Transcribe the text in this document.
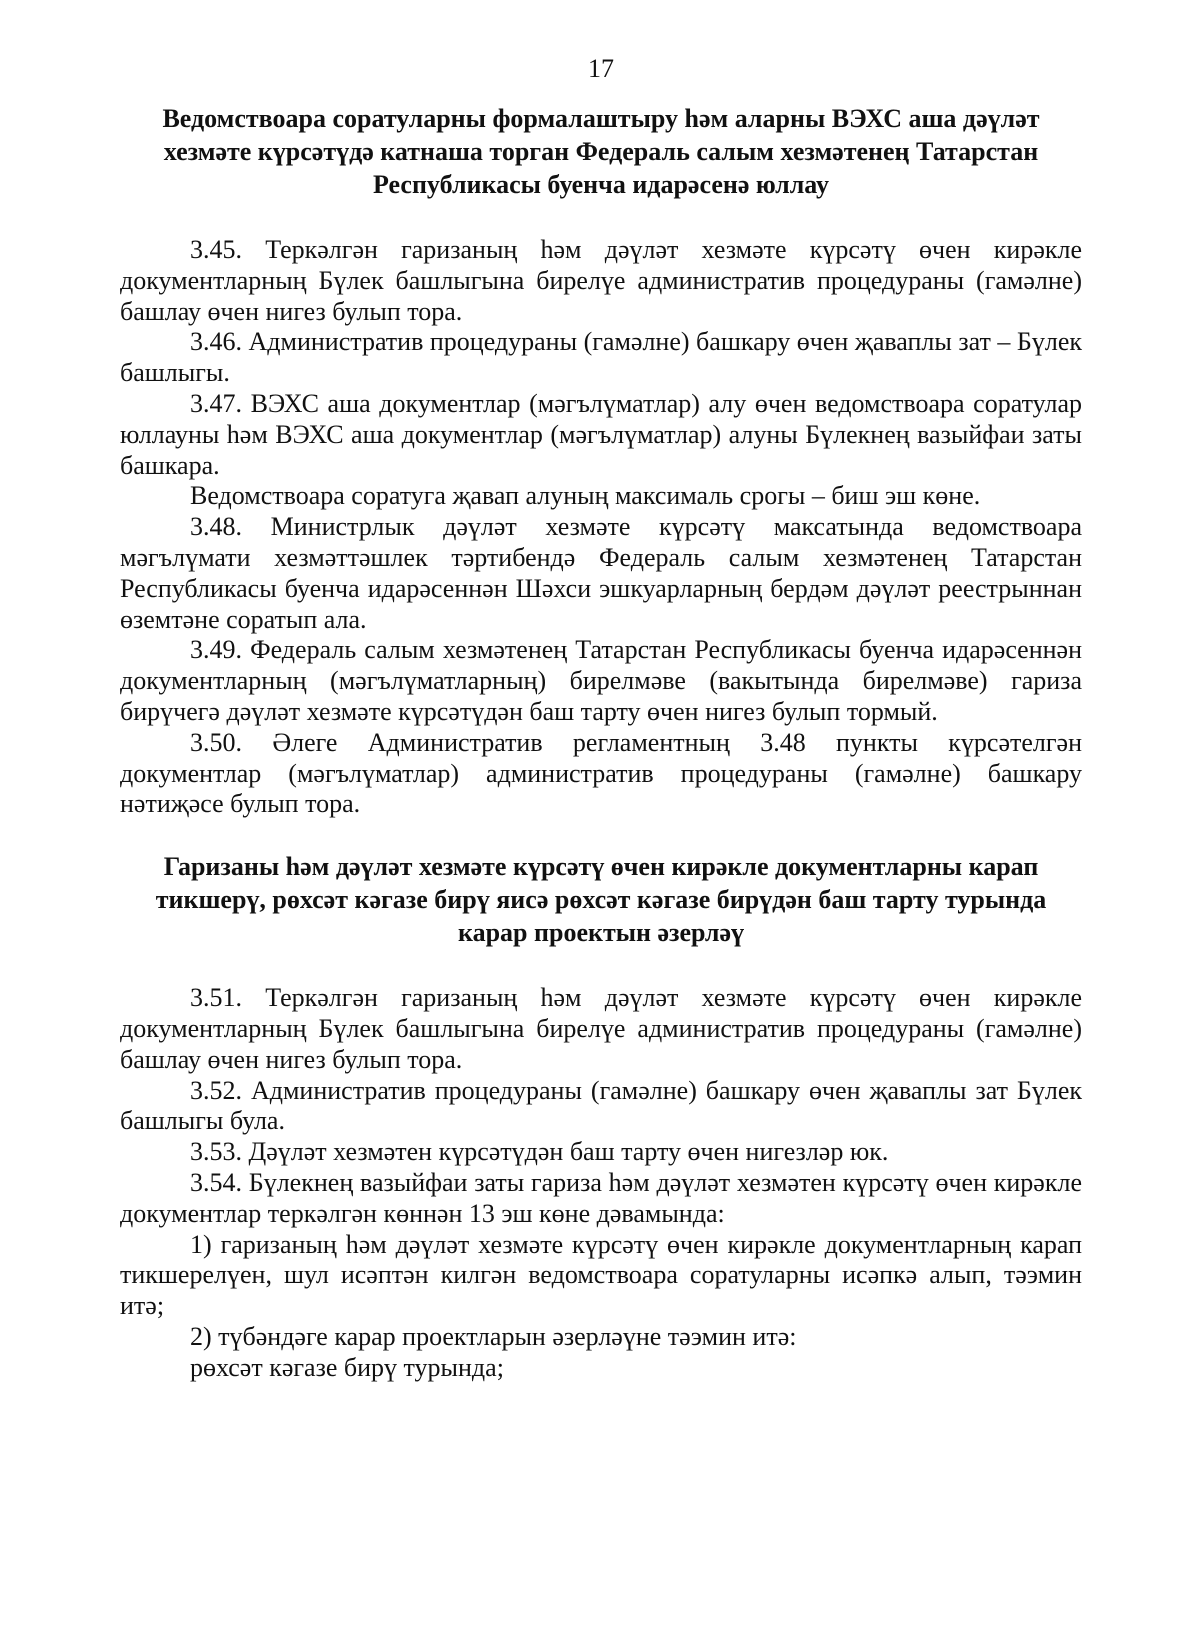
17
Ведомствоара соратуларны формалаштыру һәм аларны ВЭХС аша дәүләт хезмәте күрсәтүдә катнаша торган Федераль салым хезмәтенең Татарстан Республикасы буенча идарәсенә юллау

3.45. Теркәлгән гаризаның һәм дәүләт хезмәте күрсәтү өчен кирәкле документларның Бүлек башлыгына бирелүе административ процедураны (гамәлне) башлау өчен нигез булып тора.

3.46. Административ процедураны (гамәлне) башкару өчен җаваплы зат – Бүлек башлыгы.

3.47. ВЭХС аша документлар (мәгълүматлар) алу өчен ведомствоара соратулар юллауны һәм ВЭХС аша документлар (мәгълүматлар) алуны Бүлекнең вазыйфаи заты башкара.

Ведомствоара соратуга җавап алуның максималь срогы – биш эш көне.

3.48. Министрлык дәүләт хезмәте күрсәтү максатында ведомствоара мәгълүмати хезмәттәшлек тәртибендә Федераль салым хезмәтенең Татарстан Республикасы буенча идарәсеннән Шәхси эшкуарларның бердәм дәүләт реестрыннан өземтәне соратып ала.

3.49. Федераль салым хезмәтенең Татарстан Республикасы буенча идарәсеннән документларның (мәгълүматларның) бирелмәве (вакытында бирелмәве) гариза бирүчегә дәүләт хезмәте күрсәтүдән баш тарту өчен нигез булып тормый.

3.50. Әлеге Административ регламентның 3.48 пункты күрсәтелгән документлар (мәгълүматлар) административ процедураны (гамәлне) башкару нәтиҗәсе булып тора.

Гаризаны һәм дәүләт хезмәте күрсәтү өчен кирәкле документларны карап тикшерү, рөхсәт кәгазе бирү яисә рөхсәт кәгазе бирүдән баш тарту турында карар проектын әзерләү

3.51. Теркәлгән гаризаның һәм дәүләт хезмәте күрсәтү өчен кирәкле документларның Бүлек башлыгына бирелүе административ процедураны (гамәлне) башлау өчен нигез булып тора.

3.52. Административ процедураны (гамәлне) башкару өчен җаваплы зат Бүлек башлыгы була.

3.53. Дәүләт хезмәтен күрсәтүдән баш тарту өчен нигезләр юк.

3.54. Бүлекнең вазыйфаи заты гариза һәм дәүләт хезмәтен күрсәтү өчен кирәкле документлар теркәлгән көннән 13 эш көне дәвамында:

1) гаризаның һәм дәүләт хезмәте күрсәтү өчен кирәкле документларның карап тикшерелүен, шул исәптән килгән ведомствоара соратуларны исәпкә алып, тәэмин итә;

2) түбәндәге карар проектларын әзерләүне тәэмин итә:

рөхсәт кәгазе бирү турында;
